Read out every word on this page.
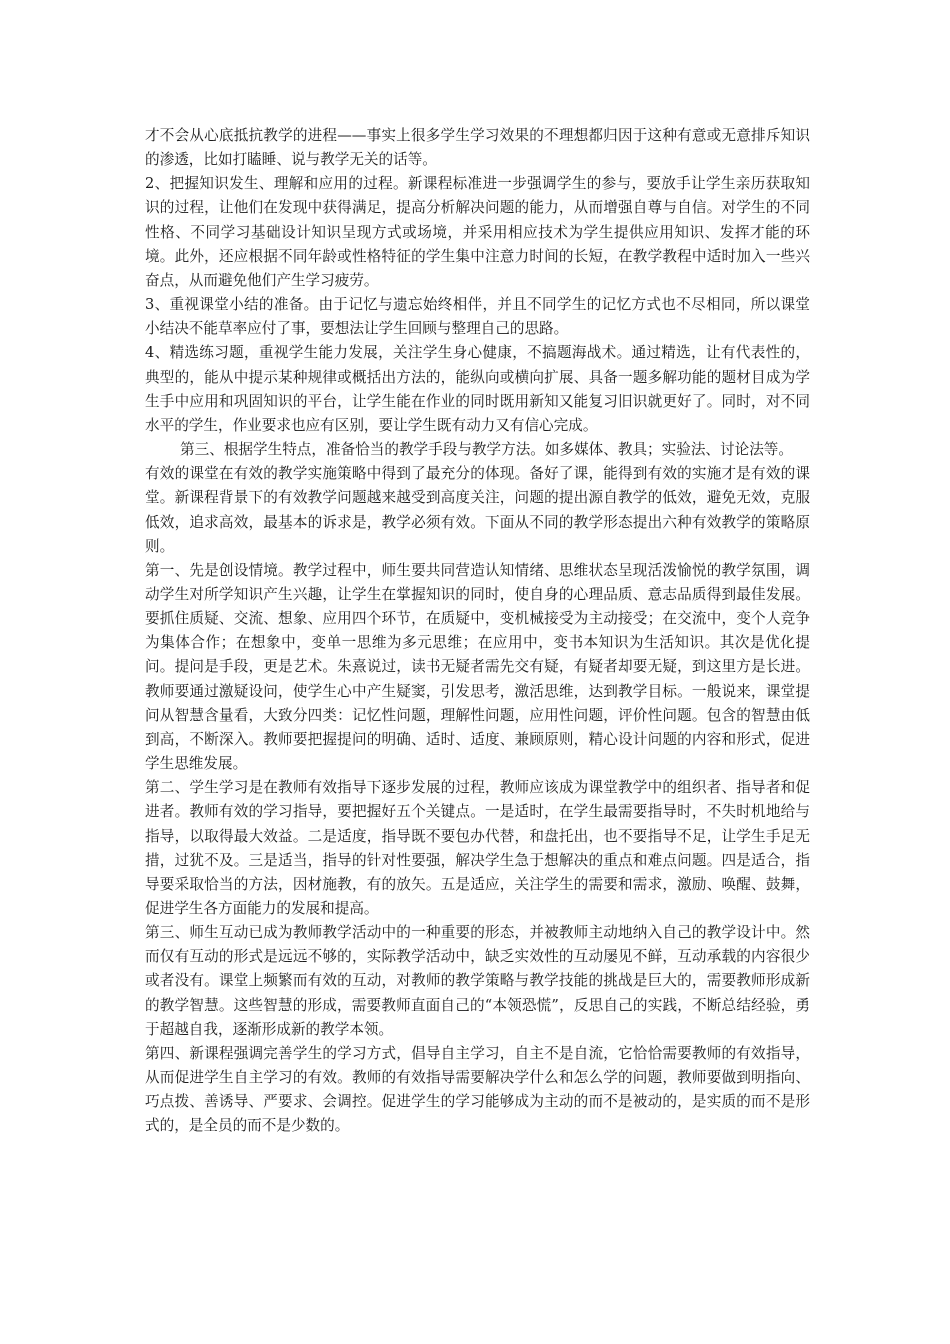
才不会从心底抵抗教学的进程——事实上很多学生学习效果的不理想都归因于这种有意或无意排斥知识的渗透，比如打瞌睡、说与教学无关的话等。

2、把握知识发生、理解和应用的过程。新课程标准进一步强调学生的参与，要放手让学生亲历获取知识的过程，让他们在发现中获得满足，提高分析解决问题的能力，从而增强自尊与自信。对学生的不同性格、不同学习基础设计知识呈现方式或场境，并采用相应技术为学生提供应用知识、发挥才能的环境。此外，还应根据不同年龄或性格特征的学生集中注意力时间的长短，在教学教程中适时加入一些兴奋点，从而避免他们产生学习疲劳。

3、重视课堂小结的准备。由于记忆与遗忘始终相伴，并且不同学生的记忆方式也不尽相同，所以课堂小结决不能草率应付了事，要想法让学生回顾与整理自己的思路。

4、精选练习题，重视学生能力发展，关注学生身心健康，不搞题海战术。通过精选，让有代表性的，典型的，能从中提示某种规律或概括出方法的，能纵向或横向扩展、具备一题多解功能的题材目成为学生手中应用和巩固知识的平台，让学生能在作业的同时既用新知又能复习旧识就更好了。同时，对不同水平的学生，作业要求也应有区别，要让学生既有动力又有信心完成。

第三、根据学生特点，准备恰当的教学手段与教学方法。如多媒体、教具；实验法、讨论法等。

有效的课堂在有效的教学实施策略中得到了最充分的体现。备好了课，能得到有效的实施才是有效的课堂。新课程背景下的有效教学问题越来越受到高度关注，问题的提出源自教学的低效，避免无效，克服低效，追求高效，最基本的诉求是，教学必须有效。下面从不同的教学形态提出六种有效教学的策略原则。

第一、先是创设情境。教学过程中，师生要共同营造认知情绪、思维状态呈现活泼愉悦的教学氛围，调动学生对所学知识产生兴趣，让学生在掌握知识的同时，使自身的心理品质、意志品质得到最佳发展。要抓住质疑、交流、想象、应用四个环节，在质疑中，变机械接受为主动接受；在交流中，变个人竞争为集体合作；在想象中，变单一思维为多元思维；在应用中，变书本知识为生活知识。其次是优化提问。提问是手段，更是艺术。朱熹说过，读书无疑者需先交有疑，有疑者却要无疑，到这里方是长进。教师要通过激疑设问，使学生心中产生疑窦，引发思考，激活思维，达到教学目标。一般说来，课堂提问从智慧含量看，大致分四类：记忆性问题，理解性问题，应用性问题，评价性问题。包含的智慧由低到高，不断深入。教师要把握提问的明确、适时、适度、兼顾原则，精心设计问题的内容和形式，促进学生思维发展。

第二、学生学习是在教师有效指导下逐步发展的过程，教师应该成为课堂教学中的组织者、指导者和促进者。教师有效的学习指导，要把握好五个关键点。一是适时，在学生最需要指导时，不失时机地给与指导，以取得最大效益。二是适度，指导既不要包办代替，和盘托出，也不要指导不足，让学生手足无措，过犹不及。三是适当，指导的针对性要强，解决学生急于想解决的重点和难点问题。四是适合，指导要采取恰当的方法，因材施教，有的放矢。五是适应，关注学生的需要和需求，激励、唤醒、鼓舞，促进学生各方面能力的发展和提高。

第三、师生互动已成为教师教学活动中的一种重要的形态，并被教师主动地纳入自己的教学设计中。然而仅有互动的形式是远远不够的，实际教学活动中，缺乏实效性的互动屡见不鲜，互动承载的内容很少或者没有。课堂上频繁而有效的互动，对教师的教学策略与教学技能的挑战是巨大的，需要教师形成新的教学智慧。这些智慧的形成，需要教师直面自己的“本领恐慌”，反思自己的实践，不断总结经验，勇于超越自我，逐渐形成新的教学本领。

第四、新课程强调完善学生的学习方式，倡导自主学习，自主不是自流，它恰恰需要教师的有效指导，从而促进学生自主学习的有效。教师的有效指导需要解决学什么和怎么学的问题，教师要做到明指向、巧点拨、善诱导、严要求、会调控。促进学生的学习能够成为主动的而不是被动的，是实质的而不是形式的，是全员的而不是少数的。
